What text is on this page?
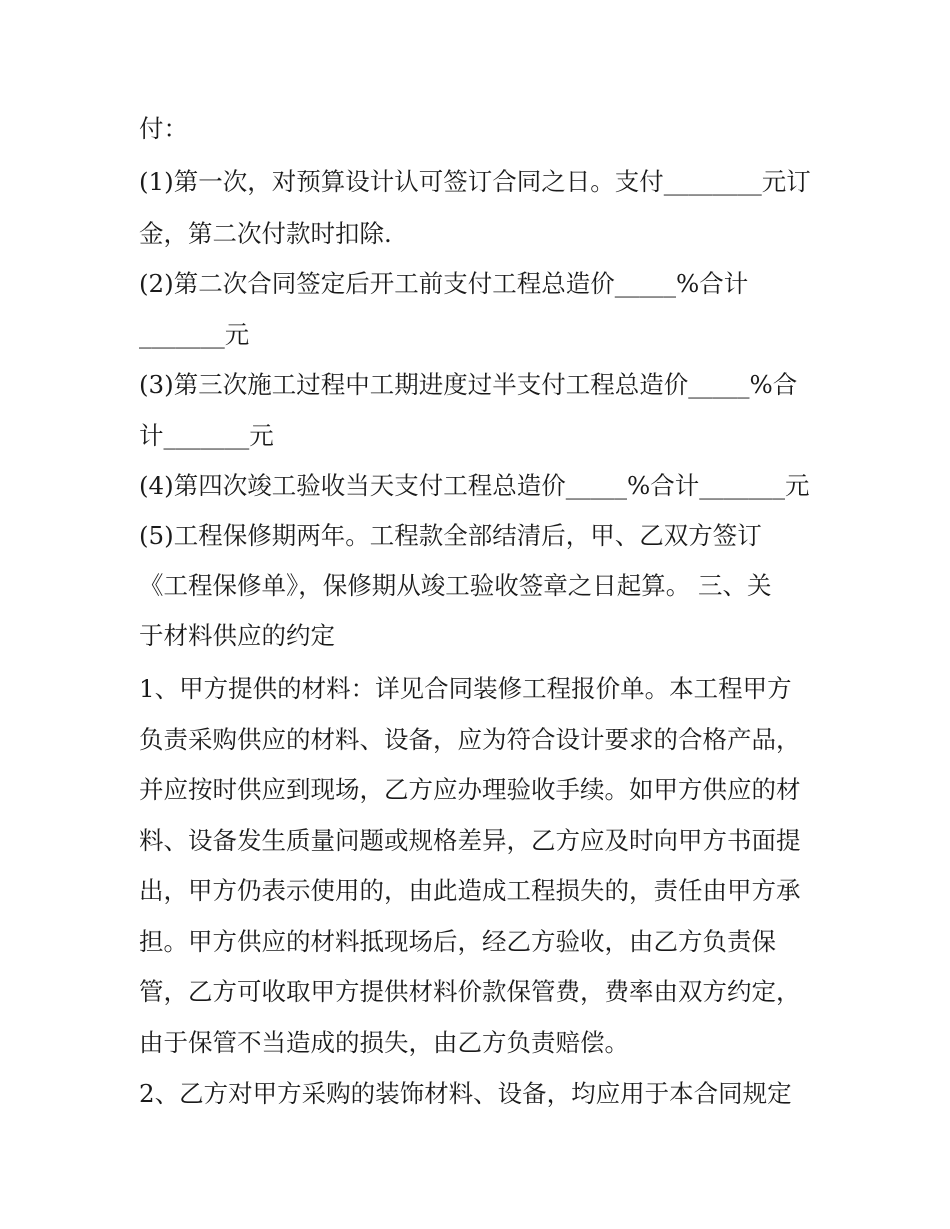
付：

(1)第一次，对预算设计认可签订合同之日。支付________元订

金，第二次付款时扣除.

(2)第二次合同签定后开工前支付工程总造价_____%合计

_______元

(3)第三次施工过程中工期进度过半支付工程总造价_____%合

计_______元

(4)第四次竣工验收当天支付工程总造价_____%合计_______元

(5)工程保修期两年。工程款全部结清后，甲、乙双方签订

《工程保修单》，保修期从竣工验收签章之日起算。 三、关

于材料供应的约定

1、甲方提供的材料：详见合同装修工程报价单。本工程甲方

负责采购供应的材料、设备，应为符合设计要求的合格产品，

并应按时供应到现场，乙方应办理验收手续。如甲方供应的材

料、设备发生质量问题或规格差异，乙方应及时向甲方书面提

出，甲方仍表示使用的，由此造成工程损失的，责任由甲方承

担。甲方供应的材料抵现场后，经乙方验收，由乙方负责保

管，乙方可收取甲方提供材料价款保管费，费率由双方约定，

由于保管不当造成的损失，由乙方负责赔偿。

2、乙方对甲方采购的装饰材料、设备，均应用于本合同规定
